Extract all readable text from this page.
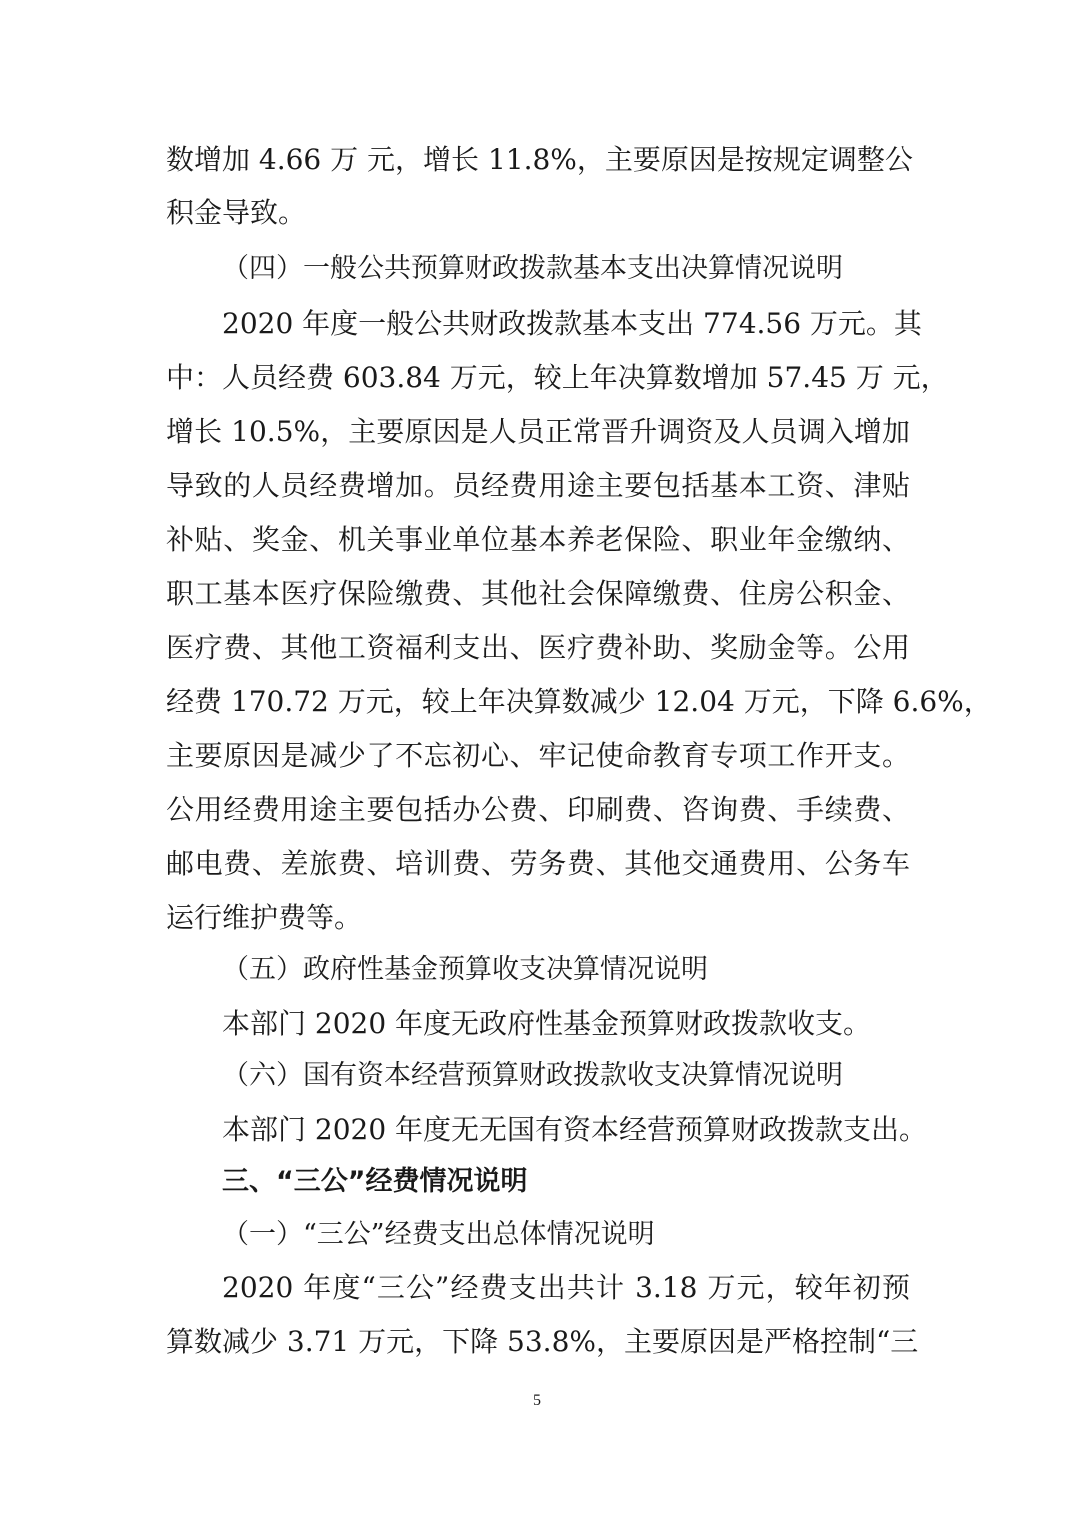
数增加 4.66 万 元，增长 11.8%，主要原因是按规定调整公
积金导致。
（四）一般公共预算财政拨款基本支出决算情况说明
2020 年度一般公共财政拨款基本支出 774.56 万元。其
中：人员经费 603.84 万元，较上年决算数增加 57.45 万 元，
增长 10.5%，主要原因是人员正常晋升调资及人员调入增加
导致的人员经费增加。员经费用途主要包括基本工资、津贴
补贴、奖金、机关事业单位基本养老保险、职业年金缴纳、
职工基本医疗保险缴费、其他社会保障缴费、住房公积金、
医疗费、其他工资福利支出、医疗费补助、奖励金等。公用
经费 170.72 万元，较上年决算数减少 12.04 万元，下降 6.6%，
主要原因是减少了不忘初心、牢记使命教育专项工作开支。
公用经费用途主要包括办公费、印刷费、咨询费、手续费、
邮电费、差旅费、培训费、劳务费、其他交通费用、公务车
运行维护费等。
（五）政府性基金预算收支决算情况说明
本部门 2020 年度无政府性基金预算财政拨款收支。
（六）国有资本经营预算财政拨款收支决算情况说明
本部门 2020 年度无无国有资本经营预算财政拨款支出。
三、“三公”经费情况说明
（一）“三公”经费支出总体情况说明
2020 年度“三公”经费支出共计 3.18 万元，较年初预
算数减少 3.71 万元，下降 53.8%，主要原因是严格控制“三
5
